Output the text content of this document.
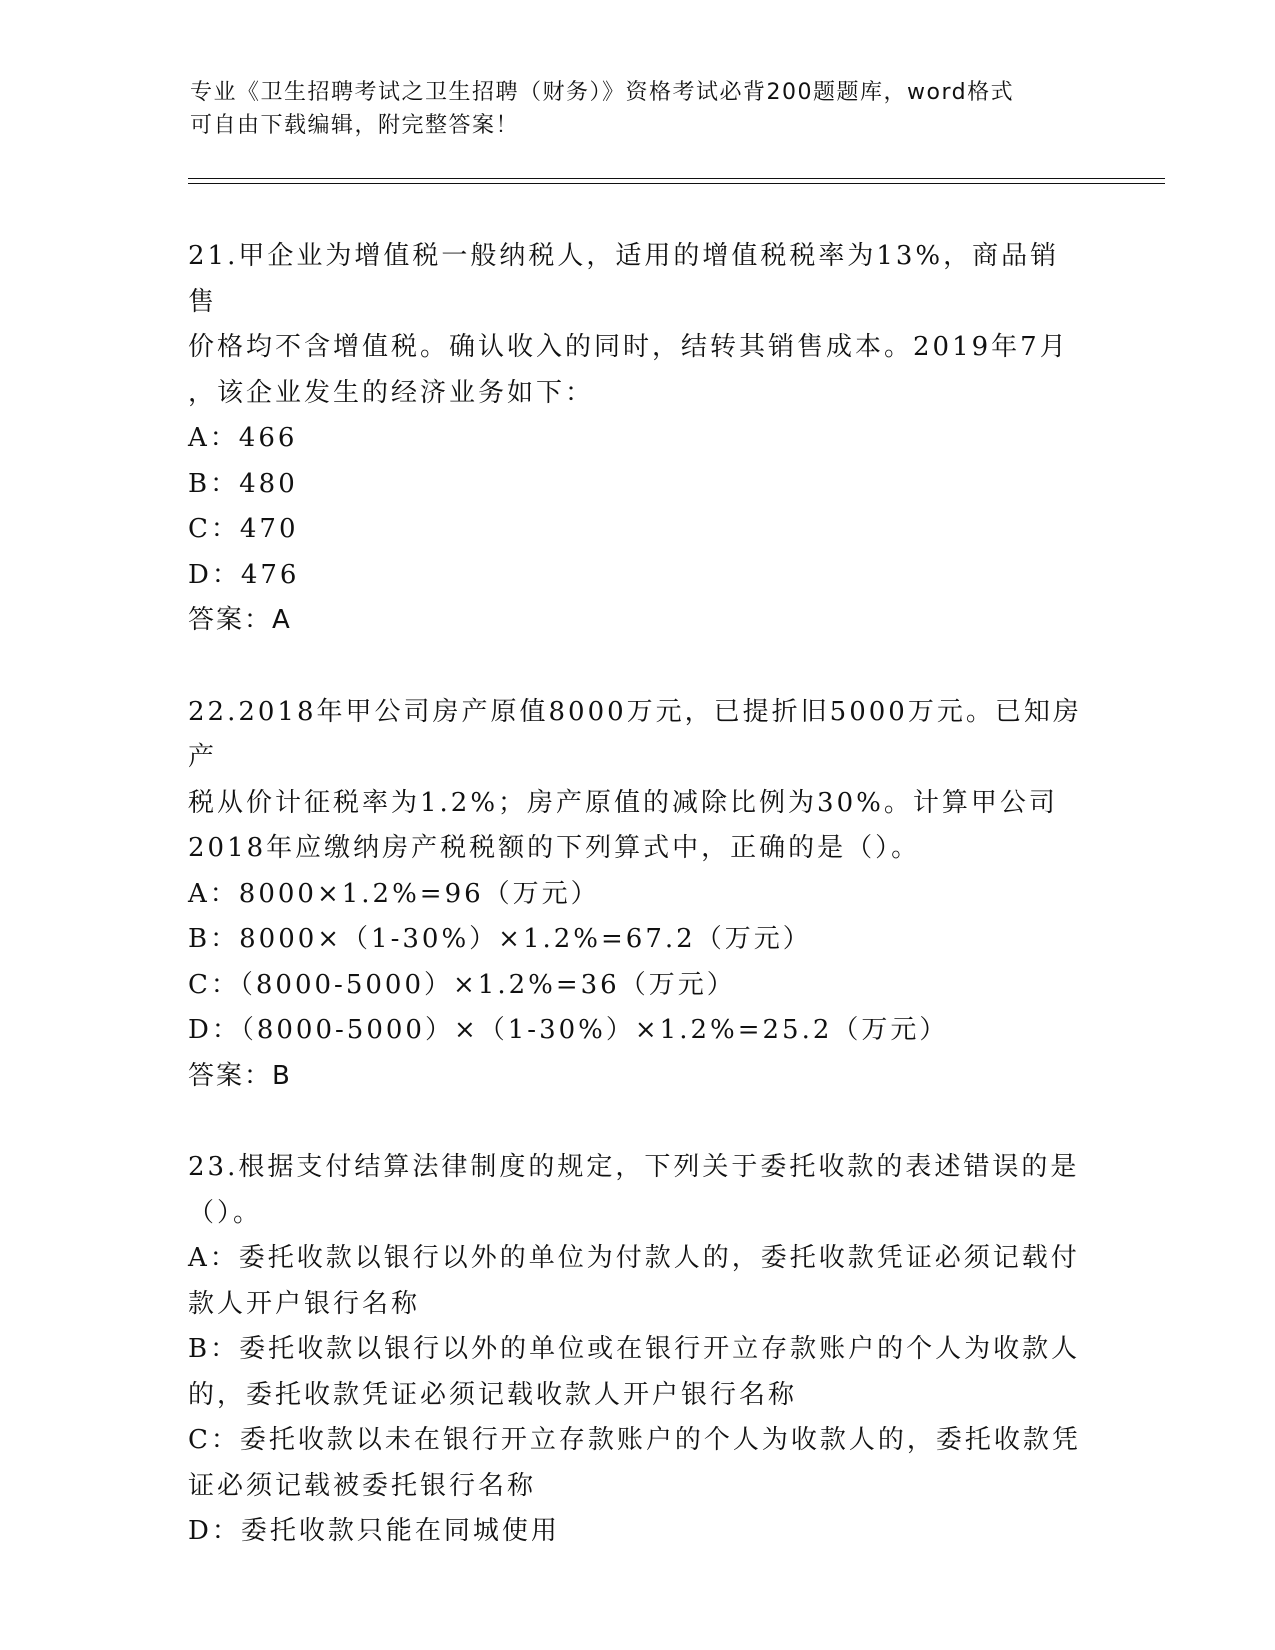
专业《卫生招聘考试之卫生招聘（财务）》资格考试必背200题题库，word格式
可自由下载编辑，附完整答案！
21.甲企业为增值税一般纳税人，适用的增值税税率为13%，商品销售
价格均不含增值税。确认收入的同时，结转其销售成本。2019年7月
，该企业发生的经济业务如下：
A：466
B：480
C：470
D：476
答案：A
22.2018年甲公司房产原值8000万元，已提折旧5000万元。已知房产
税从价计征税率为1.2%；房产原值的减除比例为30%。计算甲公司
2018年应缴纳房产税税额的下列算式中，正确的是（）。
A：8000×1.2%=96（万元）
B：8000×（1-30%）×1.2%=67.2（万元）
C：（8000-5000）×1.2%=36（万元）
D：（8000-5000）×（1-30%）×1.2%=25.2（万元）
答案：B
23.根据支付结算法律制度的规定，下列关于委托收款的表述错误的是
（）。
A：委托收款以银行以外的单位为付款人的，委托收款凭证必须记载付
款人开户银行名称
B：委托收款以银行以外的单位或在银行开立存款账户的个人为收款人
的，委托收款凭证必须记载收款人开户银行名称
C：委托收款以未在银行开立存款账户的个人为收款人的，委托收款凭
证必须记载被委托银行名称
D：委托收款只能在同城使用
